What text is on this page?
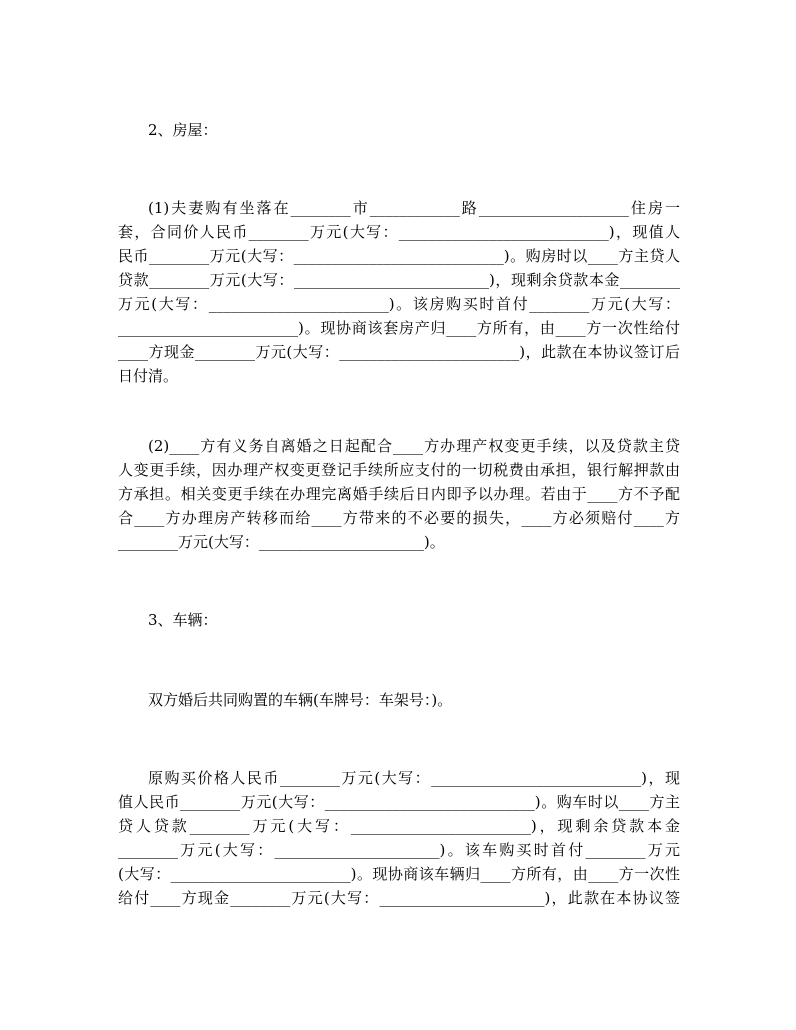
2、房屋：
(1)夫妻购有坐落在________市____________路____________________住房一
套，合同价人民币________万元(大写：____________________________)，现值人
民币________万元(大写：____________________________)。购房时以____方主贷人
贷款________万元(大写：__________________________)，现剩余贷款本金________
万元(大写：________________________)。该房购买时首付________万元(大写：
________________________)。现协商该套房产归____方所有，由____方一次性给付
____方现金________万元(大写：________________________)，此款在本协议签订后
日付清。
(2)____方有义务自离婚之日起配合____方办理产权变更手续，以及贷款主贷
人变更手续，因办理产权变更登记手续所应支付的一切税费由承担，银行解押款由
方承担。相关变更手续在办理完离婚手续后日内即予以办理。若由于____方不予配
合____方办理房产转移而给____方带来的不必要的损失，____方必须赔付____方
________万元(大写：______________________)。
3、车辆：
双方婚后共同购置的车辆(车牌号：车架号：)。
原购买价格人民币________万元(大写：____________________________)，现
值人民币________万元(大写：____________________________)。购车时以____方主
贷人贷款________万元(大写：________________________)，现剩余贷款本金
________万元(大写：______________________)。该车购买时首付________万元
(大写：________________________)。现协商该车辆归____方所有，由____方一次性
给付____方现金________万元(大写：______________________)，此款在本协议签
